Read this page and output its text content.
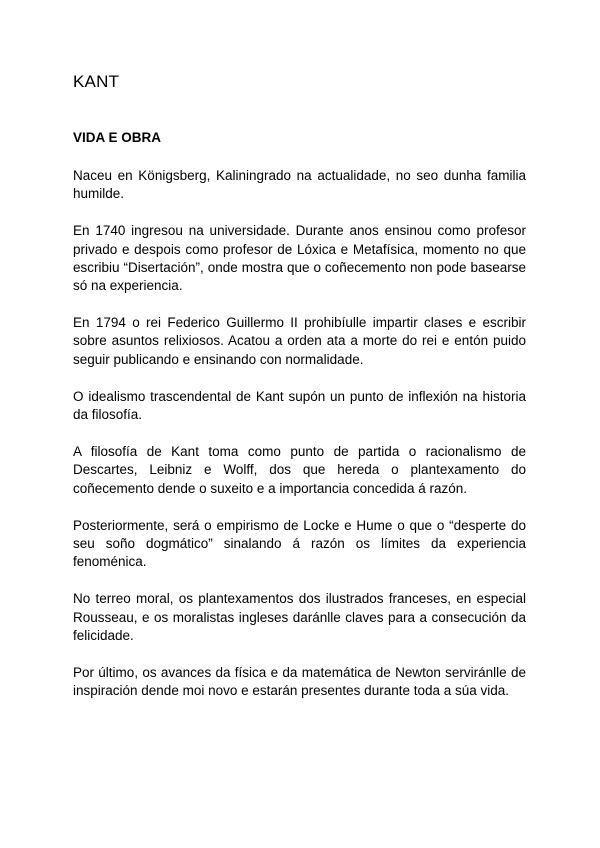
KANT
VIDA E OBRA

Naceu en Königsberg, Kaliningrado na actualidade, no seo dunha familia humilde.

En 1740 ingresou na universidade. Durante anos ensinou como profesor privado e despois como profesor de Lóxica e Metafísica, momento no que escribiu “Disertación”, onde mostra que o coñecemento non pode basearse só na experiencia.

En 1794 o rei Federico Guillermo II prohibíulle impartir clases e escribir sobre asuntos relixiosos. Acatou a orden ata a morte do rei e entón puido seguir publicando e ensinando con normalidade.

O idealismo trascendental de Kant supón un punto de inflexión na historia da filosofía.

A filosofía de Kant toma como punto de partida o racionalismo de Descartes, Leibniz e Wolff, dos que hereda o plantexamento do coñecemento dende o suxeito e a importancia concedida á razón.

Posteriormente, será o empirismo de Locke e Hume o que o “desperte do seu soño dogmático” sinalando á razón os límites da experiencia fenoménica.

No terreo moral, os plantexamentos dos ilustrados franceses, en especial Rousseau, e os moralistas ingleses daránlle claves para a consecución da felicidade.

Por último, os avances da física e da matemática de Newton serviránlle de inspiración dende moi novo e estarán presentes durante toda a súa vida.
